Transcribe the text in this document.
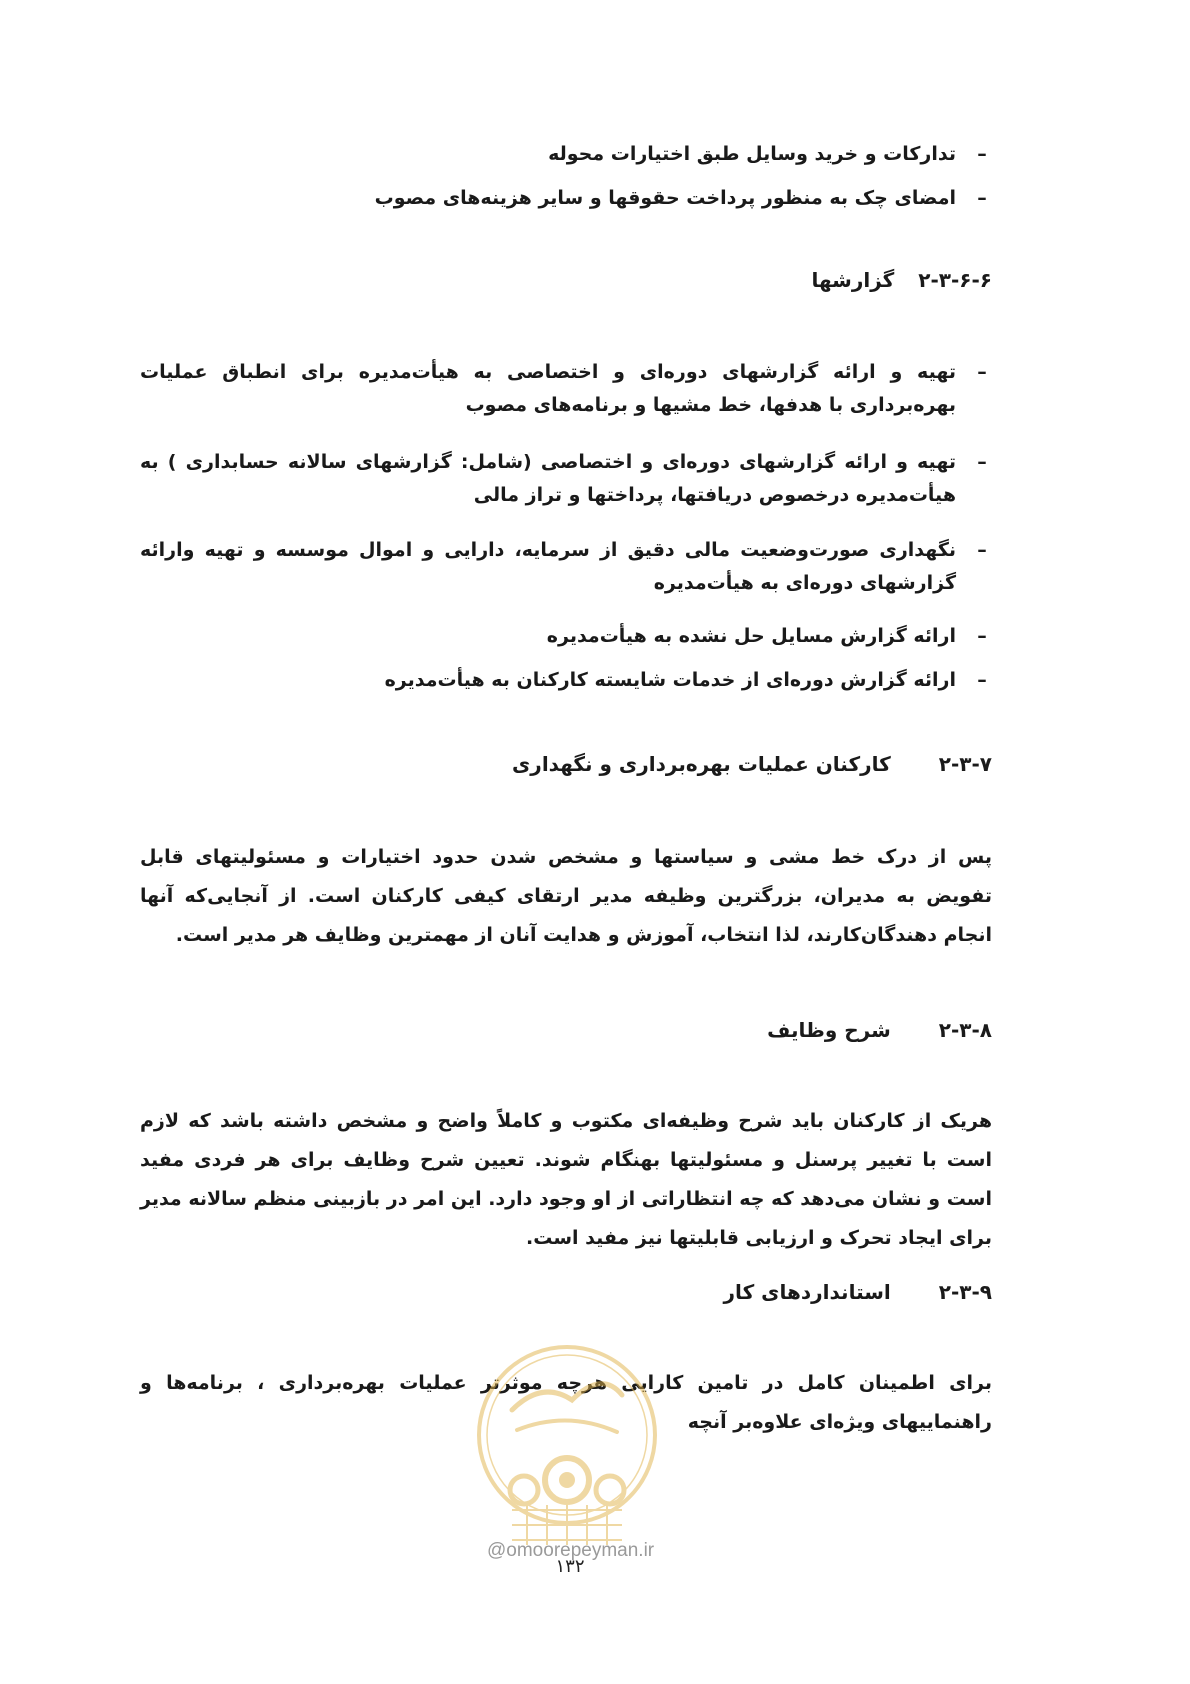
–
تدارکات و خرید وسایل طبق اختیارات محوله
–
امضای چک به منظور پرداخت حقوقها و سایر هزینه‌های مصوب
۲-۳-۶-۶
گزارشها
–
تهیه و ارائه گزارشهای دوره‌ای و اختصاصی به هیأت‌مدیره برای انطباق عملیات بهره‌برداری با هدفها، خط مشیها و برنامه‌های مصوب
–
تهیه و ارائه گزارشهای دوره‌ای و اختصاصی (شامل: گزارشهای سالانه حسابداری ) به هیأت‌مدیره درخصوص دریافتها، پرداختها و تراز مالی
–
نگهداری صورت‌وضعیت مالی دقیق از سرمایه، دارایی و اموال موسسه و تهیه وارائه گزارشهای دوره‌ای به هیأت‌مدیره
–
ارائه گزارش مسایل حل نشده به هیأت‌مدیره
–
ارائه گزارش دوره‌ای از خدمات شایسته کارکنان به هیأت‌مدیره
۲-۳-۷
کارکنان عملیات بهره‌برداری و نگهداری
پس از درک خط مشی و سیاستها و مشخص شدن حدود اختیارات و مسئولیتهای قابل تفویض به مدیران، بزرگترین وظیفه مدیر ارتقای کیفی کارکنان است. از آنجایی‌که آنها انجام دهندگان‌کارند، لذا انتخاب، آموزش و هدایت آنان از مهمترین وظایف هر مدیر است.
۲-۳-۸
شرح وظایف
هریک از کارکنان باید شرح وظیفه‌ای مکتوب و کاملاً واضح و مشخص داشته باشد که لازم است با تغییر پرسنل و مسئولیتها بهنگام شوند. تعیین شرح وظایف برای هر فردی مفید است و نشان می‌دهد که چه انتظاراتی از او وجود دارد. این امر در بازبینی منظم سالانه مدیر برای ایجاد تحرک و ارزیابی قابلیتها نیز مفید است.
۲-۳-۹
استانداردهای کار
برای اطمینان کامل در تامین کارایی هرچه موثرتر عملیات بهره‌برداری ، برنامه‌ها و راهنماییهای ویژه‌ای علاوه‌بر آنچه
@omoorepeyman.ir
۱۳۲
